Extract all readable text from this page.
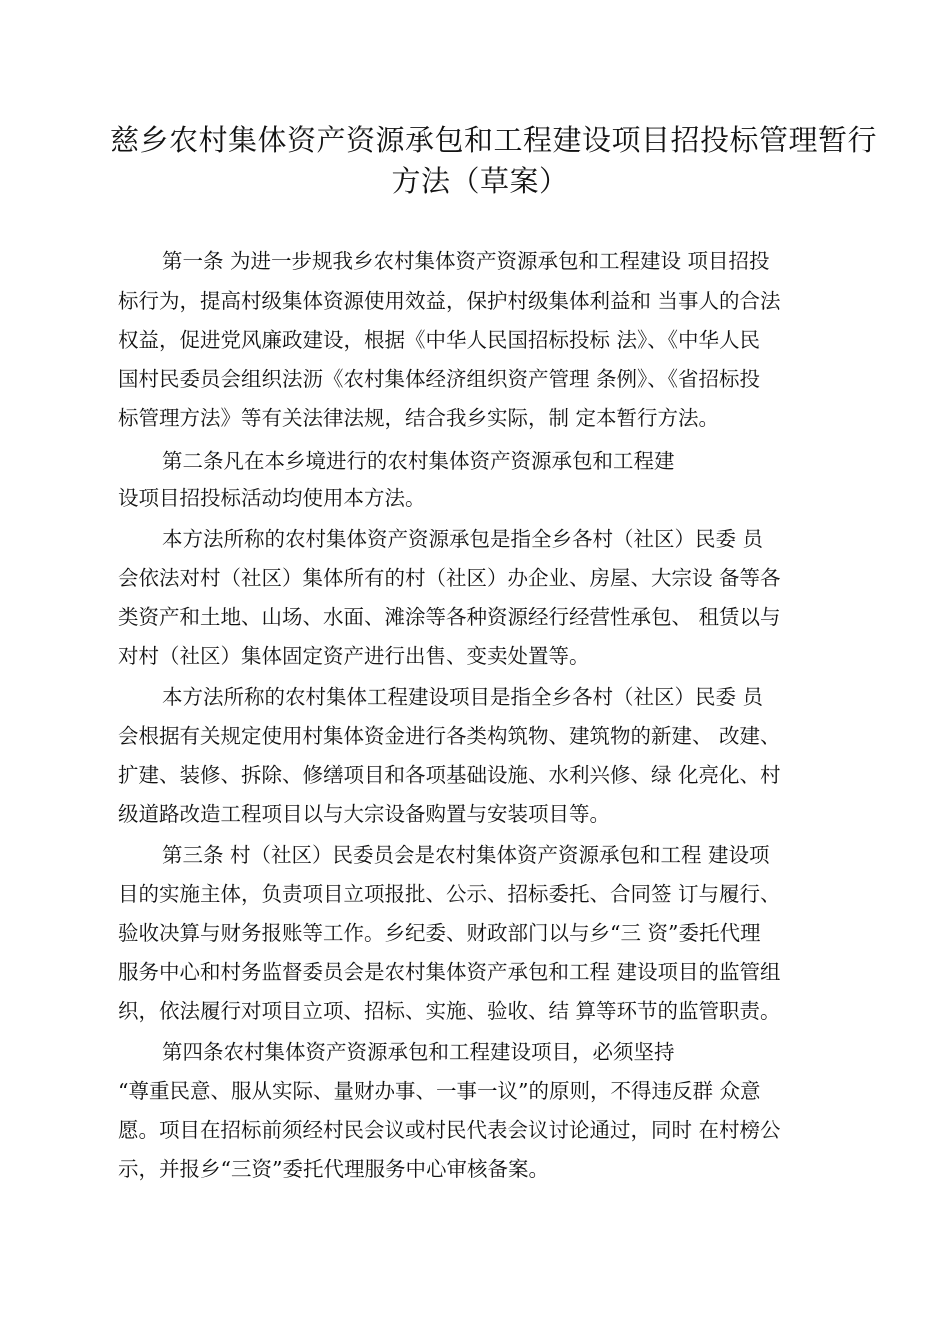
慈乡农村集体资产资源承包和工程建设项目招投标管理暂行
方法（草案）
第一条 为进一步规我乡农村集体资产资源承包和工程建设 项目招投
标行为，提高村级集体资源使用效益，保护村级集体利益和 当事人的合法
权益，促进党风廉政建设，根据《中华人民国招标投标 法》、《中华人民
国村民委员会组织法沥《农村集体经济组织资产管理 条例》、《省招标投
标管理方法》等有关法律法规，结合我乡实际，制 定本暂行方法。
第二条凡在本乡境进行的农村集体资产资源承包和工程建
设项目招投标活动均使用本方法。
本方法所称的农村集体资产资源承包是指全乡各村（社区）民委 员
会依法对村（社区）集体所有的村（社区）办企业、房屋、大宗设 备等各
类资产和土地、山场、水面、滩涂等各种资源经行经营性承包、 租赁以与
对村（社区）集体固定资产进行出售、变卖处置等。
本方法所称的农村集体工程建设项目是指全乡各村（社区）民委 员
会根据有关规定使用村集体资金进行各类构筑物、建筑物的新建、 改建、
扩建、装修、拆除、修缮项目和各项基础设施、水利兴修、绿 化亮化、村
级道路改造工程项目以与大宗设备购置与安装项目等。
第三条 村（社区）民委员会是农村集体资产资源承包和工程 建设项
目的实施主体，负责项目立项报批、公示、招标委托、合同签 订与履行、
验收决算与财务报账等工作。乡纪委、财政部门以与乡“三 资”委托代理
服务中心和村务监督委员会是农村集体资产承包和工程 建设项目的监管组
织，依法履行对项目立项、招标、实施、验收、结 算等环节的监管职责。
第四条农村集体资产资源承包和工程建设项目，必须坚持
“尊重民意、服从实际、量财办事、一事一议”的原则，不得违反群 众意
愿。项目在招标前须经村民会议或村民代表会议讨论通过，同时 在村榜公
示，并报乡“三资”委托代理服务中心审核备案。
